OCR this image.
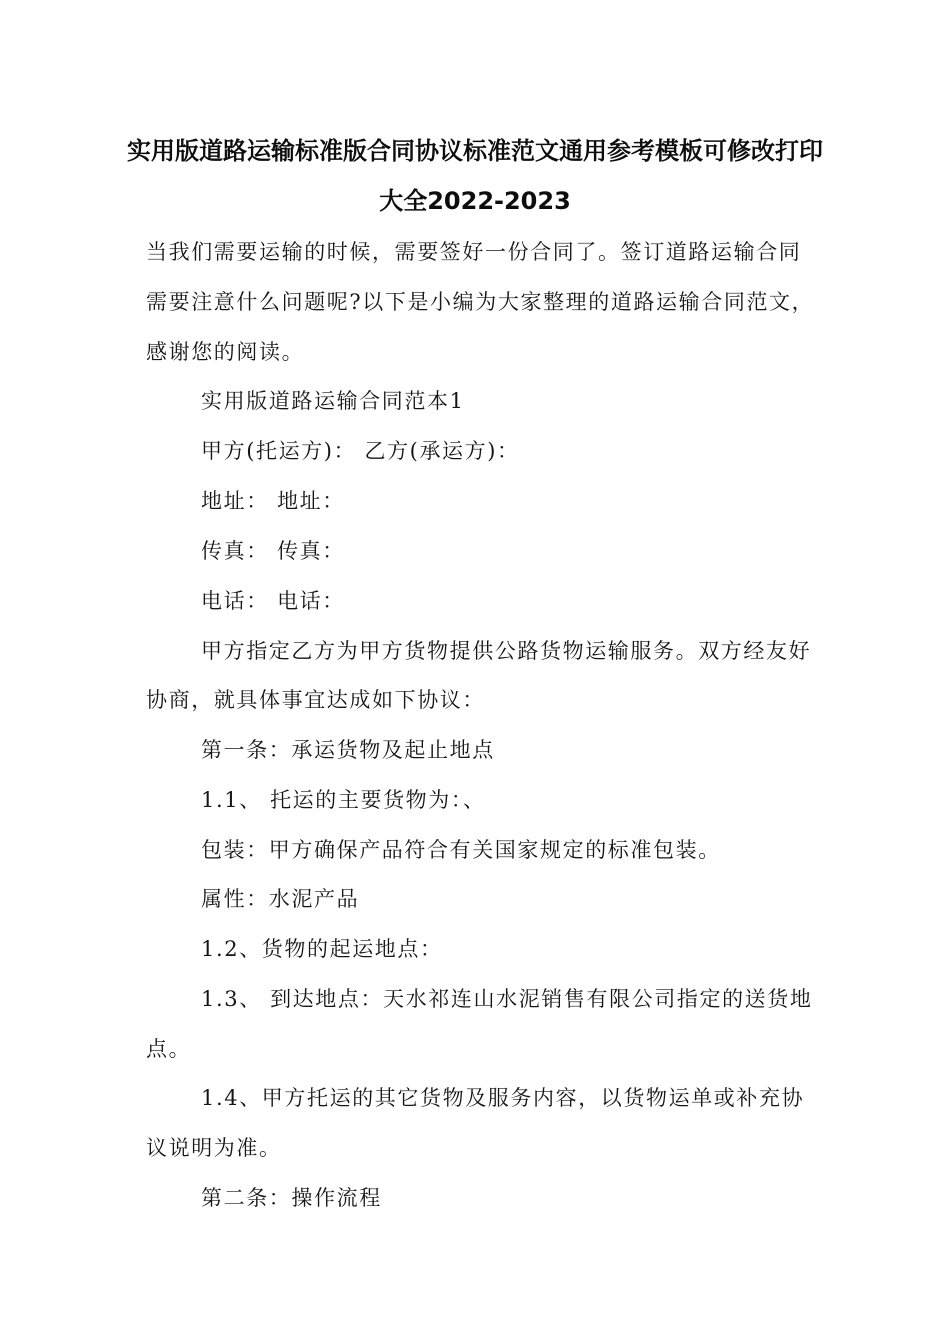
实用版道路运输标准版合同协议标准范文通用参考模板可修改打印
大全2022-2023
当我们需要运输的时候，需要签好一份合同了。签订道路运输合同
需要注意什么问题呢?以下是小编为大家整理的道路运输合同范文，
感谢您的阅读。
实用版道路运输合同范本1
甲方(托运方)： 乙方(承运方)：
地址： 地址：
传真： 传真：
电话： 电话：
甲方指定乙方为甲方货物提供公路货物运输服务。双方经友好
协商，就具体事宜达成如下协议：
第一条：承运货物及起止地点
1.1、 托运的主要货物为：、
包装：甲方确保产品符合有关国家规定的标准包装。
属性：水泥产品
1.2、货物的起运地点：
1.3、 到达地点：天水祁连山水泥销售有限公司指定的送货地
点。
1.4、甲方托运的其它货物及服务内容，以货物运单或补充协
议说明为准。
第二条：操作流程
